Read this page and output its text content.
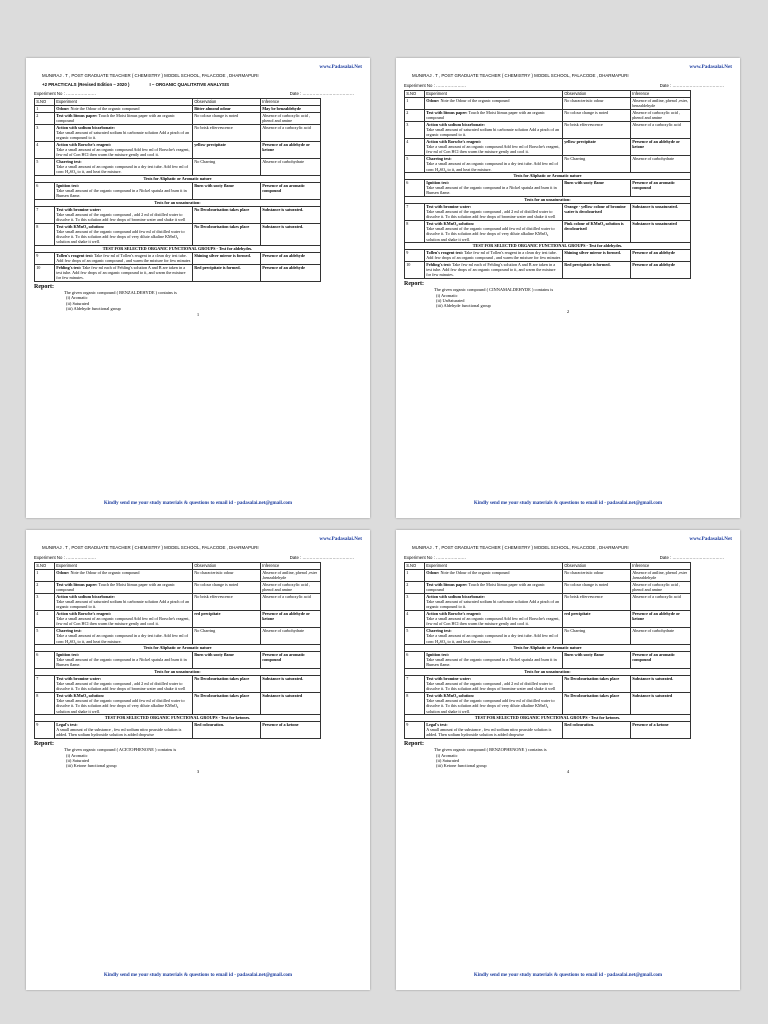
www.Padasalai.Net
MUNIRAJ . T , POST GRADUATE TEACHER ( CHEMISTRY ) MODEL SCHOOL, PALACODE , DHARMAPURI
+2 PRACTICALS (Revised Edition – 2020 )	I – ORGANIC QUALITATIVE ANALYSIS
Experiment No : …………………	Date : ………………………………
S.NO	Experiment	Observation	Inference
1	Odour: Note the Odour of the organic compound	Bitter almond odour	May be benzaldehyde
2	Test with litmus paper: Touch the Moist litmus paper with an organic compound	No colour change is noted	Absence of carboxylic acid , phenol and amine
3	Action with sodium bicarbonate:
Take small amount of saturated sodium bi carbonate solution Add a pinch of an organic compound to it.	No brisk effervescence	Absence of a carboxylic acid
4	Action with Borsche's reagent:
Take a small amount of an organic compound Add few ml of Borsche's reagent, few ml of Con HCl then warm the mixture gently and cool it.	yellow precipitate	Presence of an aldehyde or ketone
5	Charring test:
Take a small amount of an organic compound in a dry test tube. Add few ml of conc H₂SO₄ to it, and heat the mixture.	No Charring	Absence of carbohydrate
Tests for Aliphatic or Aromatic nature			
6	Ignition test:
Take small amount of the organic compound in a Nickel spatula and burn it in Bunsen flame.	Burn with sooty flame	Presence of an aromatic compound
Tests for an unsaturation:			
7	Test with bromine water:
Take small amount of the organic compound , add 2 ml of distilled water to dissolve it. To this solution add few drops of bromine water and shake it well	No Decolourisation takes place	Substance is saturated.
8	Test with KMnO₄ solution:
Take small amount of the organic compound add few ml of distilled water to dissolve it. To this solution add few drops of very dilute alkaline KMnO₄ solution and shake it well.	No Decolourisation takes place	Substance is saturated.
TEST FOR SELECTED ORGANIC FUNCTIONAL GROUPS - Test for aldehydes.			
9	Tollen's reagent test: Take few ml of Tollen's reagent in a clean dry test tube. Add few drops of an organic compound , and warm the mixture for few minutes	Shining silver mirror is formed.	Presence of an aldehyde
10	Fehling's test: Take few ml each of Fehling's solution A and B are taken in a test tube. Add few drops of an organic compound to it, and warm the mixture for few minutes.	Red precipitate is formed.	Presence of an aldehyde
Report:
The given organic compound ( BENZALDEHYDE ) contains is
(i) Aromatic
(ii) Saturated
(iii) Aldehyde functional group
1
Kindly send me your study materials & questions to email id - padasalai.net@gmail.com
www.Padasalai.Net
MUNIRAJ . T , POST GRADUATE TEACHER ( CHEMISTRY ) MODEL SCHOOL, PALACODE , DHARMAPURI
Experiment No : …………………	Date : ………………………………
S.NO	Experiment	Observation	Inference
1	Odour: Note the Odour of the organic compound	No characteristic odour	Absence of aniline, phenol ,ester, benzaldehyde
2	Test with litmus paper: Touch the Moist litmus paper with an organic compound	No colour change is noted	Absence of carboxylic acid , phenol and amine
3	Action with sodium bicarbonate:
Take small amount of saturated sodium bi carbonate solution Add a pinch of an organic compound to it.	No brisk effervescence	Absence of a carboxylic acid
4	Action with Borsche's reagent:
Take a small amount of an organic compound Add few ml of Borsche's reagent, few ml of Con HCl then warm the mixture gently and cool it.	yellow precipitate	Presence of an aldehyde or ketone
5	Charring test:
Take a small amount of an organic compound in a dry test tube. Add few ml of conc H₂SO₄ to it, and heat the mixture.	No Charring	Absence of carbohydrate
Tests for Aliphatic or Aromatic nature			
6	Ignition test:
Take small amount of the organic compound in a Nickel spatula and burn it in Bunsen flame.	Burn with sooty flame	Presence of an aromatic compound
Tests for an unsaturation:			
7	Test with bromine water:
Take small amount of the organic compound , add 2 ml of distilled water to dissolve it. To this solution add few drops of bromine water and shake it well	Orange - yellow colour of bromine water is decolourised	Substance is unsaturated.
8	Test with KMnO₄ solution:
Take small amount of the organic compound add few ml of distilled water to dissolve it. To this solution add few drops of very dilute alkaline KMnO₄ solution and shake it well.	Pink colour of KMnO₄ solution is decolourised	Substance is unsaturated
TEST FOR SELECTED ORGANIC FUNCTIONAL GROUPS - Test for aldehydes.			
9	Tollen's reagent test: Take few ml of Tollen's reagent in a clean dry test tube. Add few drops of an organic compound , and warm the mixture for few minutes	Shining silver mirror is formed.	Presence of an aldehyde
10	Fehling's test: Take few ml each of Fehling's solution A and B are taken in a test tube. Add few drops of an organic compound to it, and warm the mixture for few minutes.	Red precipitate is formed.	Presence of an aldehyde
Report:
The given organic compound ( CINNAMALDEHYDE ) contains is
(i) Aromatic
(ii) UnSaturated
(iii) Aldehyde functional group
2
Kindly send me your study materials & questions to email id - padasalai.net@gmail.com
www.Padasalai.Net
MUNIRAJ . T , POST GRADUATE TEACHER ( CHEMISTRY ) MODEL SCHOOL, PALACODE , DHARMAPURI
Experiment No : …………………	Date : ………………………………
S.NO	Experiment	Observation	Inference
1	Odour: Note the Odour of the organic compound	No characteristic odour	Absence of aniline, phenol ,ester ,benzaldehyde
2	Test with litmus paper: Touch the Moist litmus paper with an organic compound	No colour change is noted	Absence of carboxylic acid , phenol and amine
3	Action with sodium bicarbonate:
Take small amount of saturated sodium bi carbonate solution Add a pinch of an organic compound to it.	No brisk effervescence	Absence of a carboxylic acid
4	Action with Borsche's reagent:
Take a small amount of an organic compound Add few ml of Borsche's reagent, few ml of Con HCl then warm the mixture gently and cool it.	red precipitate	Presence of an aldehyde or ketone
5	Charring test:
Take a small amount of an organic compound in a dry test tube. Add few ml of conc H₂SO₄ to it, and heat the mixture.	No Charring	Absence of carbohydrate
Tests for Aliphatic or Aromatic nature			
6	Ignition test:
Take small amount of the organic compound in a Nickel spatula and burn it in Bunsen flame.	Burn with sooty flame	Presence of an aromatic compound
Tests for an unsaturation:			
7	Test with bromine water:
Take small amount of the organic compound , add 2 ml of distilled water to dissolve it. To this solution add few drops of bromine water and shake it well	No Decolourisation takes place	Substance is saturated.
8	Test with KMnO₄ solution:
Take small amount of the organic compound add few ml of distilled water to dissolve it. To this solution add few drops of very dilute alkaline KMnO₄ solution and shake it well.	No Decolourisation takes place	Substance is saturated
TEST FOR SELECTED ORGANIC FUNCTIONAL GROUPS - Test for ketones.			
9	Legal's test:
A small amount of the substance , few ml sodium nitro prusside solution is added. Then sodium hydroxide solution is added dropwise	Red colouration.	Presence of a ketone
Report:
The given organic compound ( ACETOPHENONE ) contains is
(i) Aromatic
(ii) Saturated
(iii) Ketone functional group
3
Kindly send me your study materials & questions to email id - padasalai.net@gmail.com
www.Padasalai.Net
MUNIRAJ . T , POST GRADUATE TEACHER ( CHEMISTRY ) MODEL SCHOOL, PALACODE , DHARMAPURI
Experiment No : …………………	Date : ………………………………
S.NO	Experiment	Observation	Inference
1	Odour: Note the Odour of the organic compound	No characteristic odour	Absence of aniline, phenol ,ester ,benzaldehyde
2	Test with litmus paper: Touch the Moist litmus paper with an organic compound	No colour change is noted	Absence of carboxylic acid , phenol and amine
3	Action with sodium bicarbonate:
Take small amount of saturated sodium bi carbonate solution Add a pinch of an organic compound to it.	No brisk effervescence	Absence of a carboxylic acid
4	Action with Borsche's reagent:
Take a small amount of an organic compound Add few ml of Borsche's reagent, few ml of Con HCl then warm the mixture gently and cool it.	red precipitate	Presence of an aldehyde or ketone
5	Charring test:
Take a small amount of an organic compound in a dry test tube. Add few ml of conc H₂SO₄ to it, and heat the mixture.	No Charring	Absence of carbohydrate
Tests for Aliphatic or Aromatic nature			
6	Ignition test:
Take small amount of the organic compound in a Nickel spatula and burn it in Bunsen flame.	Burn with sooty flame	Presence of an aromatic compound
Tests for an unsaturation:			
7	Test with bromine water:
Take small amount of the organic compound , add 2 ml of distilled water to dissolve it. To this solution add few drops of bromine water and shake it well	No Decolourisation takes place	Substance is saturated.
8	Test with KMnO₄ solution:
Take small amount of the organic compound add few ml of distilled water to dissolve it. To this solution add few drops of very dilute alkaline KMnO₄ solution and shake it well.	No Decolourisation takes place	Substance is saturated
TEST FOR SELECTED ORGANIC FUNCTIONAL GROUPS - Test for ketones.			
9	Legal's test:
A small amount of the substance , few ml sodium nitro prusside solution is added. Then sodium hydroxide solution is added dropwise	Red colouration.	Presence of a ketone
Report:
The given organic compound ( BENZOPHENONE ) contains is
(i) Aromatic
(ii) Saturated
(iii) Ketone functional group
4
Kindly send me your study materials & questions to email id - padasalai.net@gmail.com
